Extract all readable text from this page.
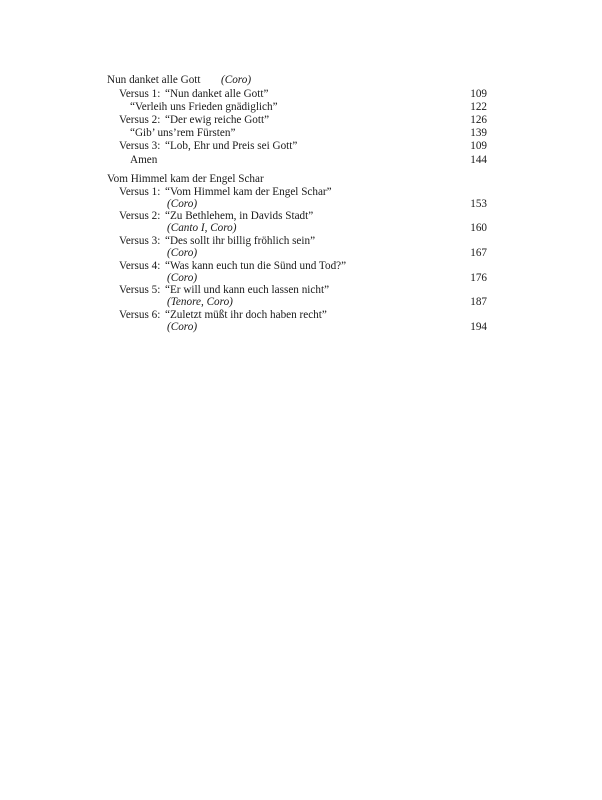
Nun danket alle Gott (Coro)
Versus 1: “Nun danket alle Gott”	109
“Verleih uns Frieden gnädiglich”	122
Versus 2: “Der ewig reiche Gott”	126
“Gib’ uns’rem Fürsten”	139
Versus 3: “Lob, Ehr und Preis sei Gott”	109
Amen	144
Vom Himmel kam der Engel Schar
Versus 1: “Vom Himmel kam der Engel Schar”
(Coro)	153
Versus 2: “Zu Bethlehem, in Davids Stadt”
(Canto I, Coro)	160
Versus 3: “Des sollt ihr billig fröhlich sein”
(Coro)	167
Versus 4: “Was kann euch tun die Sünd und Tod?”
(Coro)	176
Versus 5: “Er will und kann euch lassen nicht”
(Tenore, Coro)	187
Versus 6: “Zuletzt müßt ihr doch haben recht”
(Coro)	194
